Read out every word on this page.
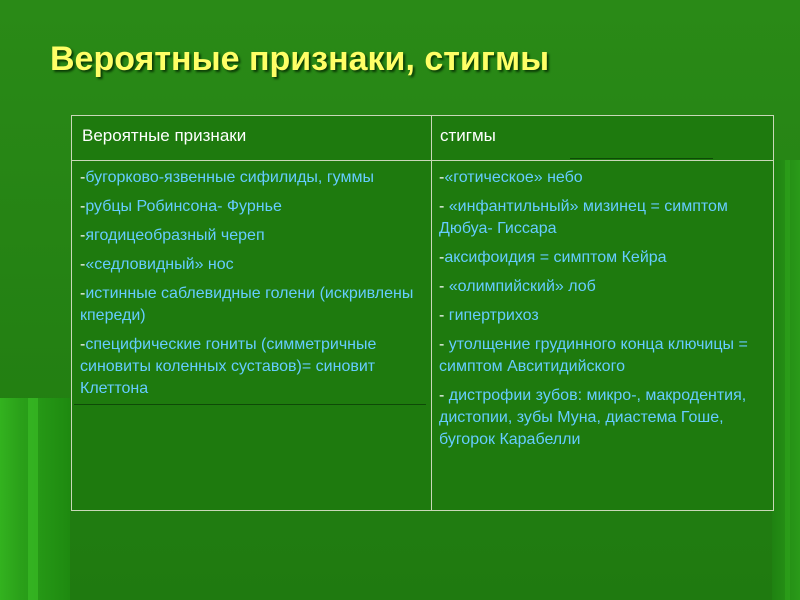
Вероятные признаки, стигмы
Вероятные признаки	стигмы
-бугорково-язвенные сифилиды, гуммы
-рубцы Робинсона- Фурнье
-ягодицеобразный череп
-«седловидный» нос
-истинные саблевидные голени (искривлены кпереди)
-специфические гониты (симметричные синовиты коленных суставов)= синовит Клеттона
-«готическое» небо
- «инфантильный» мизинец = симптом Дюбуа- Гиссара
-аксифоидия = симптом Кейра
- «олимпийский» лоб
- гипертрихоз
- утолщение грудинного конца ключицы = симптом Авситидийского
- дистрофии зубов: микро-, макродентия, дистопии, зубы Муна, диастема Гоше, бугорок Карабелли
